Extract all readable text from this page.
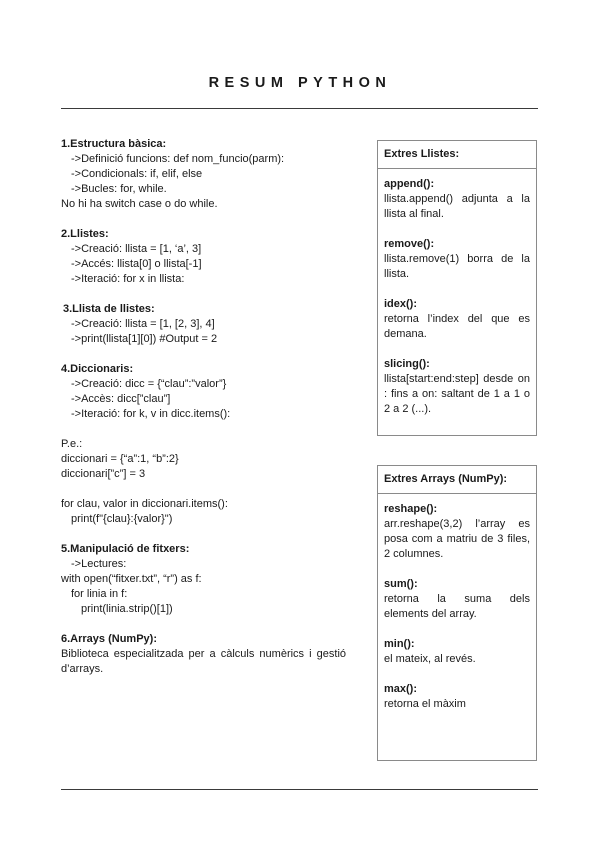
RESUM PYTHON
1.Estructura bàsica:
->Definició funcions: def nom_funcio(parm):
->Condicionals: if, elif, else
->Bucles: for, while.
No hi ha switch case o do while.
2.Llistes:
->Creació: llista = [1, ‘a’, 3]
->Accés: llista[0] o llista[-1]
->Iteració: for x in llista:
3.Llista de llistes:
->Creació: llista = [1, [2, 3], 4]
->print(llista[1][0]) #Output = 2
4.Diccionaris:
->Creació: dicc = {“clau”:”valor”}
->Accès: dicc[”clau”]
->Iteració: for k, v in dicc.items():
P.e.:
diccionari = {“a”:1, “b”:2}
diccionari[”c”] = 3
for clau, valor in diccionari.items():
print(f"{clau}:{valor}")
5.Manipulació de fitxers:
->Lectures:
with open(“fitxer.txt”, “r”) as f:
for linia in f:
print(linia.strip()[1])
6.Arrays (NumPy):
Biblioteca especialitzada per a càlculs numèrics i gestió d’arrays.
Extres Llistes:
append():
llista.append() adjunta a la llista al final.
remove():
llista.remove(1) borra de la llista.
idex():
retorna l’index del que es demana.
slicing():
llista[start:end:step] desde on : fins a on: saltant de 1 a 1 o 2 a 2 (...).
Extres Arrays (NumPy):
reshape():
arr.reshape(3,2) l’array es posa com a matriu de 3 files, 2 columnes.
sum():
retorna la suma dels elements del array.
min():
el mateix, al revés.
max():
retorna el màxim
